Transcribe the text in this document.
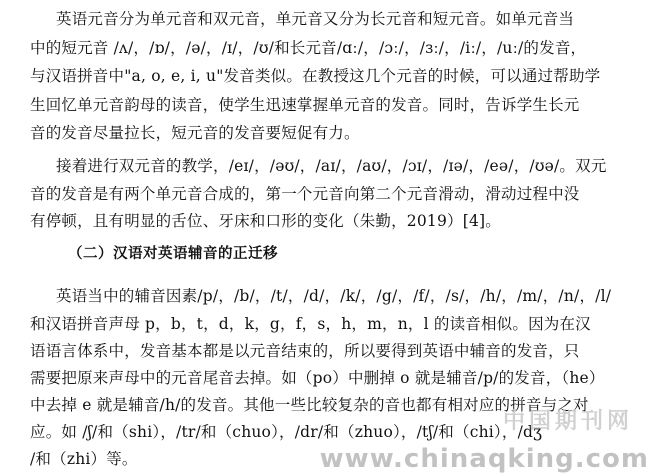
英语元音分为单元音和双元音，单元音又分为长元音和短元音。如单元音当
中的短元音 /ʌ/，/ɒ/，/ə/，/ɪ/，/ʊ/和长元音/ɑː/，/ɔː/，/ɜː/，/iː/，/uː/的发音，
与汉语拼音中"a, o, e, i, u"发音类似。在教授这几个元音的时候，可以通过帮助学
生回忆单元音韵母的读音，使学生迅速掌握单元音的发音。同时，告诉学生长元
音的发音尽量拉长，短元音的发音要短促有力。
接着进行双元音的教学，/eɪ/，/əʊ/，/aɪ/，/aʊ/，/ɔɪ/，/ɪə/，/eə/，/ʊə/。双元
音的发音是有两个单元音合成的，第一个元音向第二个元音滑动，滑动过程中没
有停顿，且有明显的舌位、牙床和口形的变化（朱勤，2019）[4]。
（二）汉语对英语辅音的正迁移
英语当中的辅音因素/p/，/b/，/t/，/d/，/k/，/g/，/f/，/s/，/h/，/m/，/n/，/l/
和汉语拼音声母 p，b，t，d，k，g，f，s，h，m，n，l 的读音相似。因为在汉
语语言体系中，发音基本都是以元音结束的，所以要得到英语中辅音的发音，只
需要把原来声母中的元音尾音去掉。如（po）中删掉 o 就是辅音/p/的发音，（he）
中去掉 e 就是辅音/h/的发音。其他一些比较复杂的音也都有相对应的拼音与之对
应。如 /ʃ/和（shi），/tr/和（chuo），/dr/和（zhuo），/tʃ/和（chi），/dʒ
/和（zhi）等。
中国期刊网
www.chinaqking.com
